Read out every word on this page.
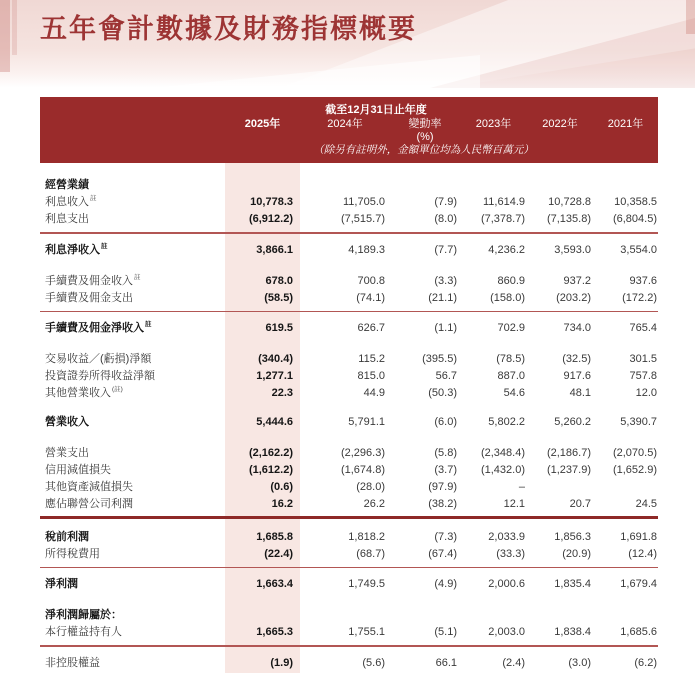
五年會計數據及財務指標概要
截至12月31日止年度
2025年	2024年	變動率	2023年	2022年	2021年
(%)
（除另有註明外，金額單位均為人民幣百萬元）
經營業績
利息收入$^註$	10,778.3	11,705.0	(7.9)	11,614.9	10,728.8	10,358.5
利息支出	(6,912.2)	(7,515.7)	(8.0)	(7,378.7)	(7,135.8)	(6,804.5)
利息淨收入$^註$	3,866.1	4,189.3	(7.7)	4,236.2	3,593.0	3,554.0
手續費及佣金收入$^註$	678.0	700.8	(3.3)	860.9	937.2	937.6
手續費及佣金支出	(58.5)	(74.1)	(21.1)	(158.0)	(203.2)	(172.2)
手續費及佣金淨收入$^註$	619.5	626.7	(1.1)	702.9	734.0	765.4
交易收益／(虧損)淨額	(340.4)	115.2	(395.5)	(78.5)	(32.5)	301.5
投資證券所得收益淨額	1,277.1	815.0	56.7	887.0	917.6	757.8
其他營業收入$^{(註)}$	22.3	44.9	(50.3)	54.6	48.1	12.0
營業收入	5,444.6	5,791.1	(6.0)	5,802.2	5,260.2	5,390.7
營業支出	(2,162.2)	(2,296.3)	(5.8)	(2,348.4)	(2,186.7)	(2,070.5)
信用減值損失	(1,612.2)	(1,674.8)	(3.7)	(1,432.0)	(1,237.9)	(1,652.9)
其他資產減值損失	(0.6)	(28.0)	(97.9)	–
應佔聯營公司利潤	16.2	26.2	(38.2)	12.1	20.7	24.5
稅前利潤	1,685.8	1,818.2	(7.3)	2,033.9	1,856.3	1,691.8
所得稅費用	(22.4)	(68.7)	(67.4)	(33.3)	(20.9)	(12.4)
淨利潤	1,663.4	1,749.5	(4.9)	2,000.6	1,835.4	1,679.4
淨利潤歸屬於：
本行權益持有人	1,665.3	1,755.1	(5.1)	2,003.0	1,838.4	1,685.6
非控股權益	(1.9)	(5.6)	66.1	(2.4)	(3.0)	(6.2)
